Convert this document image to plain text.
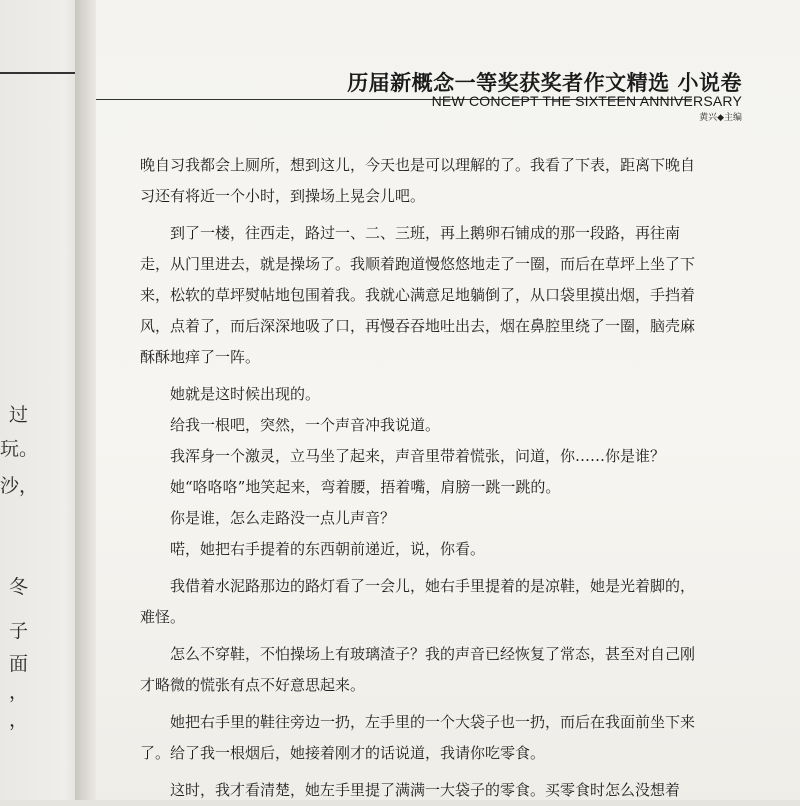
过
玩。
沙，
冬
子
面
，
，
历届新概念一等奖获奖者作文精选 小说卷
NEW CONCEPT THE SIXTEEN ANNIVERSARY
黄兴◆主编

晚自习我都会上厕所，想到这儿，今天也是可以理解的了。我看了下表，距离下晚自习还有将近一个小时，到操场上晃会儿吧。

到了一楼，往西走，路过一、二、三班，再上鹅卵石铺成的那一段路，再往南走，从门里进去，就是操场了。我顺着跑道慢悠悠地走了一圈，而后在草坪上坐了下来，松软的草坪熨帖地包围着我。我就心满意足地躺倒了，从口袋里摸出烟，手挡着风，点着了，而后深深地吸了口，再慢吞吞地吐出去，烟在鼻腔里绕了一圈，脑壳麻酥酥地痒了一阵。

她就是这时候出现的。

给我一根吧，突然，一个声音冲我说道。

我浑身一个激灵，立马坐了起来，声音里带着慌张，问道，你……你是谁？

她“咯咯咯”地笑起来，弯着腰，捂着嘴，肩膀一跳一跳的。

你是谁，怎么走路没一点儿声音？

喏，她把右手提着的东西朝前递近，说，你看。

我借着水泥路那边的路灯看了一会儿，她右手里提着的是凉鞋，她是光着脚的，难怪。

怎么不穿鞋，不怕操场上有玻璃渣子？我的声音已经恢复了常态，甚至对自己刚才略微的慌张有点不好意思起来。

她把右手里的鞋往旁边一扔，左手里的一个大袋子也一扔，而后在我面前坐下来了。给了我一根烟后，她接着刚才的话说道，我请你吃零食。

这时，我才看清楚，她左手里提了满满一大袋子的零食。买零食时怎么没想着
